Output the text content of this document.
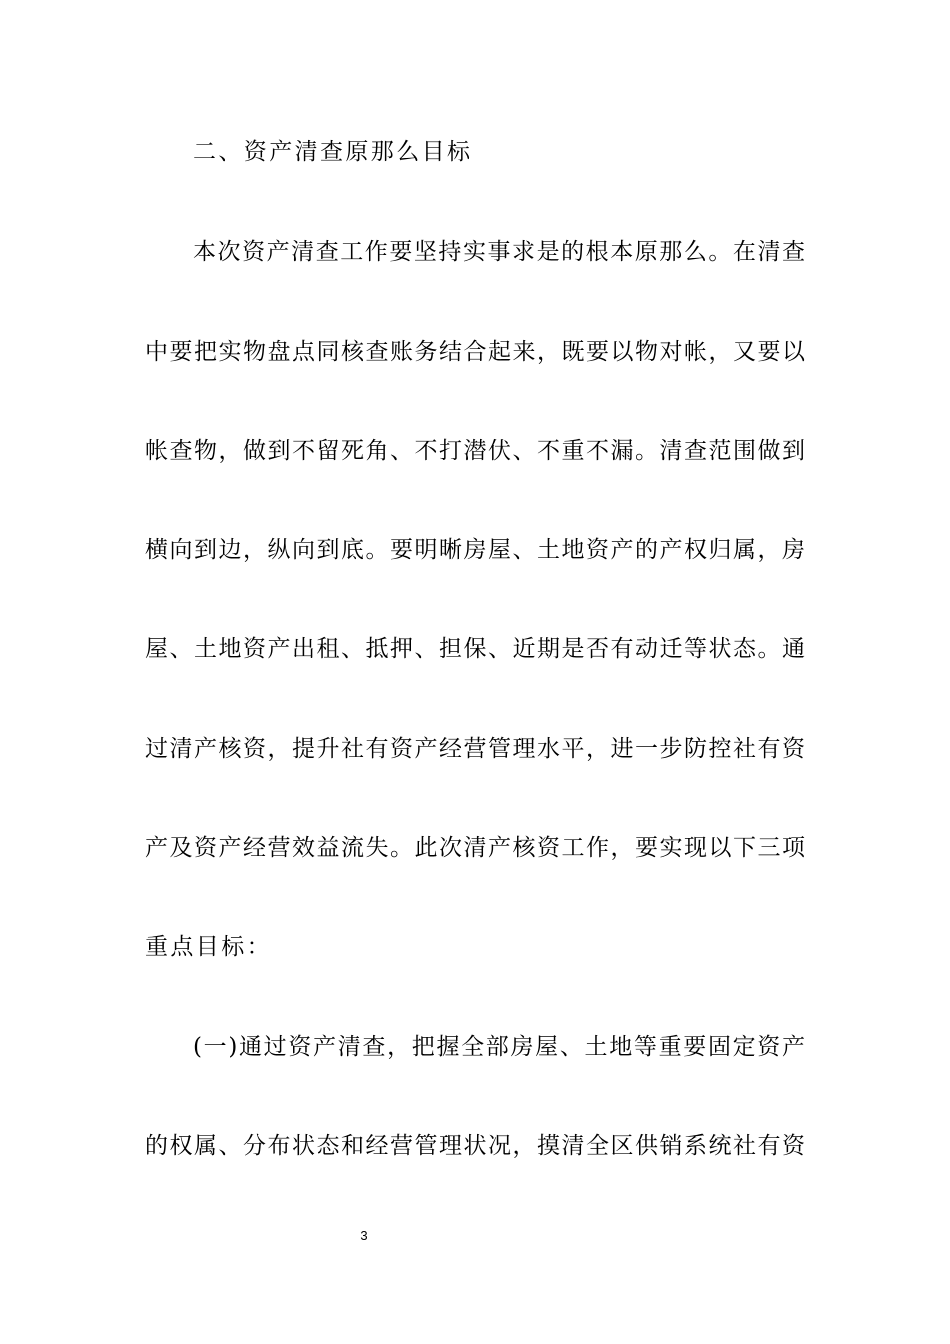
二、资产清查原那么目标
本次资产清查工作要坚持实事求是的根本原那么。在清查
中要把实物盘点同核查账务结合起来，既要以物对帐，又要以
帐查物，做到不留死角、不打潜伏、不重不漏。清查范围做到
横向到边，纵向到底。要明晰房屋、土地资产的产权归属，房
屋、土地资产出租、抵押、担保、近期是否有动迁等状态。通
过清产核资，提升社有资产经营管理水平，进一步防控社有资
产及资产经营效益流失。此次清产核资工作，要实现以下三项
重点目标：
(一)通过资产清查，把握全部房屋、土地等重要固定资产
的权属、分布状态和经营管理状况，摸清全区供销系统社有资
3
